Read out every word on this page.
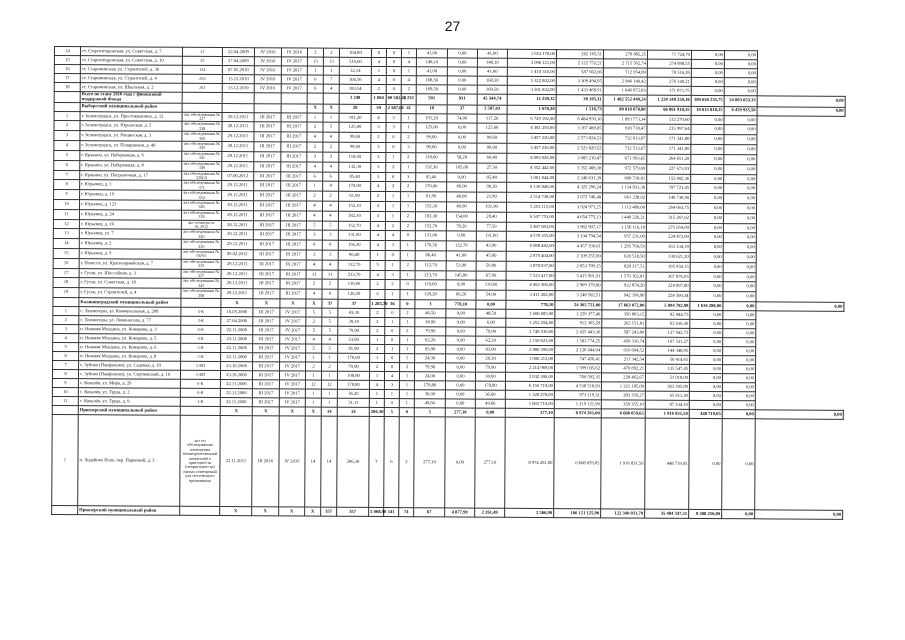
27
14	ст. Старотитаровская, ул. Советская, д. 7	21	22.04.2009	IV 2016	IV 2016	2	2	104,80	0	0	1	41,00	0,00	41,00	1 653 170,00	262 165,51	279 885,25	71 724,70	0,00	0,00	
15	ст. Старотитаровская, ул. Советская, д. 10	35	27.04.2009	IV 2016	IV 2017	13	13	510,60	4	0	4	148,10	0,00	148,10	3 096 121,00	2 122 752,21	2 715 562,74	274 898,55	0,00	0,00	
16	ст. Староминская, ул. Строителей, д. 36	134	07.05.2010	IV 2016	IV 2017	1	1	32,14	1	0	1	41,00	0,00	41,00	1 410 310,00	587 662,06	712 954,89	70 516,26	0,00	0,00	
17	ст. Староминская, ул. Строителей, д. 4	253	13.12.2010	IV 2016	IV 2017	6	7	104,56	4	0	4	168,50	0,00	168,50	5 322 802,00	3 309 494,95	2 946 140,42	276 140,21	0,00	0,00	
18	ст. Староминская, ул. Школьная, д. 2	261	13.12.2010	IV 2016	IV 2017	6	4	183,54	2	0	2	169,50	0,00	169,50	3 561 832,00	1 433 468,91	1 646 872,83	171 871,75	0,00	0,00	
	Всего по этапу 2016 года с финансовой поддержкой Фонда							1 248	1 004	60 581,43	1 232	501	931	45 344,74	11 239,32	38 105,31	1 482 552 449,24	1 220 148 550,16	109 630 235,75	54 003 653,33	0,00
	Выборгский муниципальный район					X	X	28	59	2 587,00	41	18	37	2 587,03	1 070,30	1 516,73	80 818 678,80	66 861 918,35	19 013 818,15	6 459 935,50	0,00
1	г. Зеленоградск, ул. Простоквашино, д. 12	акт обследования № 327	29.12.2011	III 2017	III 2017	1	1	191,20	4	3	1	191,20	74,00	117,20	6 729 192,00	6 484 950,16	1 893 773,34	132 279,60	0,00	0,00	
2	г. Зеленоградск, ул. Юрьевская, д. 5	акт обследования № 338	28.12.2011	III 2017	III 2017	2	5	125,00	3	3	1	125,00	0,00	125,00	4 381 250,00	3 167 488,05	918 718,47	215 997,64	0,00	0,00	
3	г. Зеленоградск, ул. Рощинская, д. 3	акт обследования № 359	29.12.2011	III 2017	III 2017	4	4	99,60	2	0	2	99,60	0,00	99,60	3 457 220,00	2 573 824,53	732 613,97	171 341,80	0,00	0,00	
4	г. Зеленоградск, ул. Полярников, д. 49	акт обследования № 345	29.12.2011	III 2017	III 2017	2	2	99,60	3	0	3	99,60	0,00	99,60	3 457 236,00	2 523 820,52	732 513,67	171 341,80	0,00	0,00	
5	г. Кракино, ул. Набережная, д. 6	акт обследования № 341	29.12.2011	III 2017	III 2017	3	3	118,60	3	1	2	118,60	58,20	60,40	4 093 020,00	3 085 210,47	671 993,65	264 651,20	0,00	0,00	
6	г. Кракино, ул. Набережная, д. 8	акт обследования № 349	29.12.2011	III 2017	III 2017	4	4	132,30	3	2	1	132,30	105,00	27,30	4 552 442,00	3 352 488,38	972 579,69	227 673,93	0,00	0,00	
7	г. Кракино, ул. Пограничная, д. 17	акт обследования № 329(2)	07.06.2012	III 2017	III 2017	6	6	85,40	3	0	3	85,40	0,00	85,40	3 061 844,00	2 240 631,39	698 718,81	152 492,36	0,00	0,00	
8	г. Юрьевец, д. 1	акт обследования № 371	29.12.2011	III 2017	III 2017	1	4	170,00	4	2	2	170,00	86,00	90,30	6 139 849,00	4 322 296,24	1 114 831,39	707 721,45	0,00	0,00	
9	г. Юрьевец, д. 19	акт обследования № 354	29.12.2011	III 2017	III 2017	2	2	61,90	2	1	1	61,90	40,00	21,90	2 514 738,00	2 672 746,48	661 238,02	140 736,90	0,00	0,00	
10	г. Юрьевец, д. 123	акт обследования № 346	29.12.2011	III 2017	III 2017	4	4	152,10	2	1	1	152,10	49,90	101,90	5 253 115,00	3 924 971,25	1 113 480,00	264 663,75	0,00	0,00	
11	г. Юрьевец, д. 24	акт обследования № 328	29.12.2011	III 2017	III 2017	4	4	182,30	3	1	2	182,30	154,00	28,40	6 507 753,00	4 654 775,13	1 449 226,21	315 267,62	0,00	0,00	
12	г. Юрьевец, д. 16	акт осмотра от 01.2012	28.12.2011	III 2017	III 2017	5	5	152,70	4	2	2	152,70	78,20	77,50	5 467 683,00	3 962 907,17	1 156 116,18	275 659,09	0,00	0,00	
13	г. Юрьевец, ул. 7	акт обследования № 330	29.12.2011	III 2017	III 2017	3	3	131,00	4	4	0	131,00	0,00	131,00	4 578 355,00	3 334 794,54	957 231,00	224 472,00	0,00	0,00	
14	г. Юрьевец, д. 2	акт обследования № 326	29.12.2011	III 2017	III 2017	6	6	156,30	4	3	1	176,50	132,70	43,90	6 088 482,00	4 457 336,01	1 295 760,59	363 334,18	0,00	0,00	
15	г. Юрьевец, д. 9	акт обследования № 04/03	09.02.2012	III 2017	III 2017	3	3	86,40	1	0	1	86,40	41,00	45,00	2 870 404,00	2 109 255,90	620 518,50	138 621,20	0,00	0,00	
16	г. Полесск, ул. Красноармейская, д. 7	акт обследования № 325	29.12.2011	III 2017	III 2017	4	4	112,70	5	1	2	112,70	53,90	59,80	3 878 037,00	2 853 789,15	828 317,51	195 950,15	0,00	0,00	
17	г. Гусев, ул. Шоссейная, д. 3	акт обследования № 327	29.12.2011	III 2017	III 2017	11	11	213,70	4	3	1	213,70	145,80	67,90	7 523 417,00	5 415 901,91	1 570 162,81	367 876,93	0,00	0,00	
18	г. Гусев, ул. Советская, д. 18	акт обследования № 342	29.12.2011	III 2017	III 2017	2	2	110,60	2	2	0	110,60	0,00	110,60	4 492 366,00	2 909 370,80	932 874,20	224 897,80	0,00	0,00	
19	г. Гусев, ул. Строителей, д. 4	акт обследования № 358	29.12.2011	III 2017	III 2017	4	6	120,20	2	1	1	120,20	66,20	54,00	3 411 282,00	3 248 502,51	942 196,90	224 500,34	0,00	0,00	
	Калининградский муниципальный район		X	X	X	X	37	37	1 285,70	36	0	3	778,10	0,00	778,10	24 365 721,00	17 663 072,00	5 094 782,98	1 616 286,00	0,00	0,00
1	с. Холмогоры, ул. Коммунальная, д. 208	5-К	10.05.2006	III 2017	IV 2017	5	5	43,30	2	0	2	46,50	0,00	48,50	1 668 685,00	1 229 377,40	356 863,15	82 444,75	0,00	0,00	
2	с. Холмогоры, ул. Ломоносова, д. 77	3-К	27.04.2006	III 2017	IV 2017	2	5	39,10	2	1	1	36,00	0,00	6,00	1 252 254,00	912 365,59	262 151,81	62 636,30	0,00	0,00	
3	п. Нижняя Молдина, ул. Комарова, д. 3	6-К	22.11.2006	III 2017	IV 2017	5	5	79,90	2	0	2	79,90	0,00	79,90	2 749 530,00	2 025 443,36	587 243,89	137 042,75	0,00	0,00	
4	п. Нижняя Молдина, ул. Комарова, д. 5	5-К	23.11.2006	III 2017	IV 2017	4	4	53,80	1	0	1	62,20	0,00	62,20	2 150 623,00	1 583 774,25	459 316,74	107 531,27	0,00	0,00	
5	п. Нижняя Молдина, ул. Комарова, д. 6	2-К	22.11.2006	III 2017	IV 2017	5	5	81,90	2	1	1	83,90	0,00	83,90	2 886 599,00	2 126 044,94	616 604,52	144 348,95	0,00	0,00	
6	п. Нижняя Молдина, ул. Комарова, д. 8	2-К	22.11.2006	III 2017	IV 2017	1	1	176,00	1	0	1	24,30	0,00	29,30	1 006 213,00	747 458,41	211 342,54	50 414,65	0,00	0,00	
7	с. Зубово (Панфилово), ул. Садовая, д. 10	1-КП	23.10.2006	III 2017	IV 2017	2	2	79,90	2	0	2	79,90	0,00	79,90	2 214 969,00	1 599 035,62	470 892,21	135 547,45	0,00	0,00	
8	с. Зубово (Панфилово), ул. Сергиевский, д. 10	1-КП	23.10.2006	III 2017	IV 2017	1	1	108,80	1	4	1	24,00	0,00	30,00	2 032 300,00	760 592,35	228 462,67	51 018,00	0,00	0,00	
9	с. Ковалёв, ул. Мира, д. 26	6-К	22.11.2006	III 2017	IV 2017	12	12	178,80	4	3	1	178,80	0,00	178,80	6 156 719,00	4 538 518,83	1 321 185,09	303 395,89	0,00	0,00	
10	с. Ковалёв, ул. Труда, д. 2	6-К	22.11.2006	III 2017	IV 2017	1	1	36,20	1	1	1	36,00	0,00	36,00	1 328 276,00	973 119,31	283 356,27	65 811,38	0,00	0,00	
11	с. Ковалёв, ул. Труда, д. 9	1-К	22.11.2006	III 2017	IV 2017	1	1	31,11	1	0	1	49,60	0,00	49,60	1 665 710,00	1 219 121,99	359 355,10	87 334,16	0,00	0,00	
	Приозерский муниципальный район		X	X	X	X	14	14	206,30	5	0	5	277,10	0,00	277,10	8 974 261,00	6 608 059,65	1 916 831,50	448 719,05	0,00	0,00
1	п. Лодейное Поле, пер. Парковый, д. 3	акт по обследованию помещения межведомственной комиссией о пригодности (непригодности) жилых помещений для постоянного проживания	22.11.2011	III 2016	IV 2016	14	14	206,30	7	6	2	277,10	0,00	277,10	8 974 261,00	6 608 059,65	1 916 831,50	448 719,05	0,00	0,00	
	Приозерский муниципальный район		X	X	X	X	357	357	5 068,90	141	74	67	4 877,99	2 261,49	2 566,90	166 121 125,90	122 340 031,70	35 484 347,31	8 308 256,80	0,00	0,00
